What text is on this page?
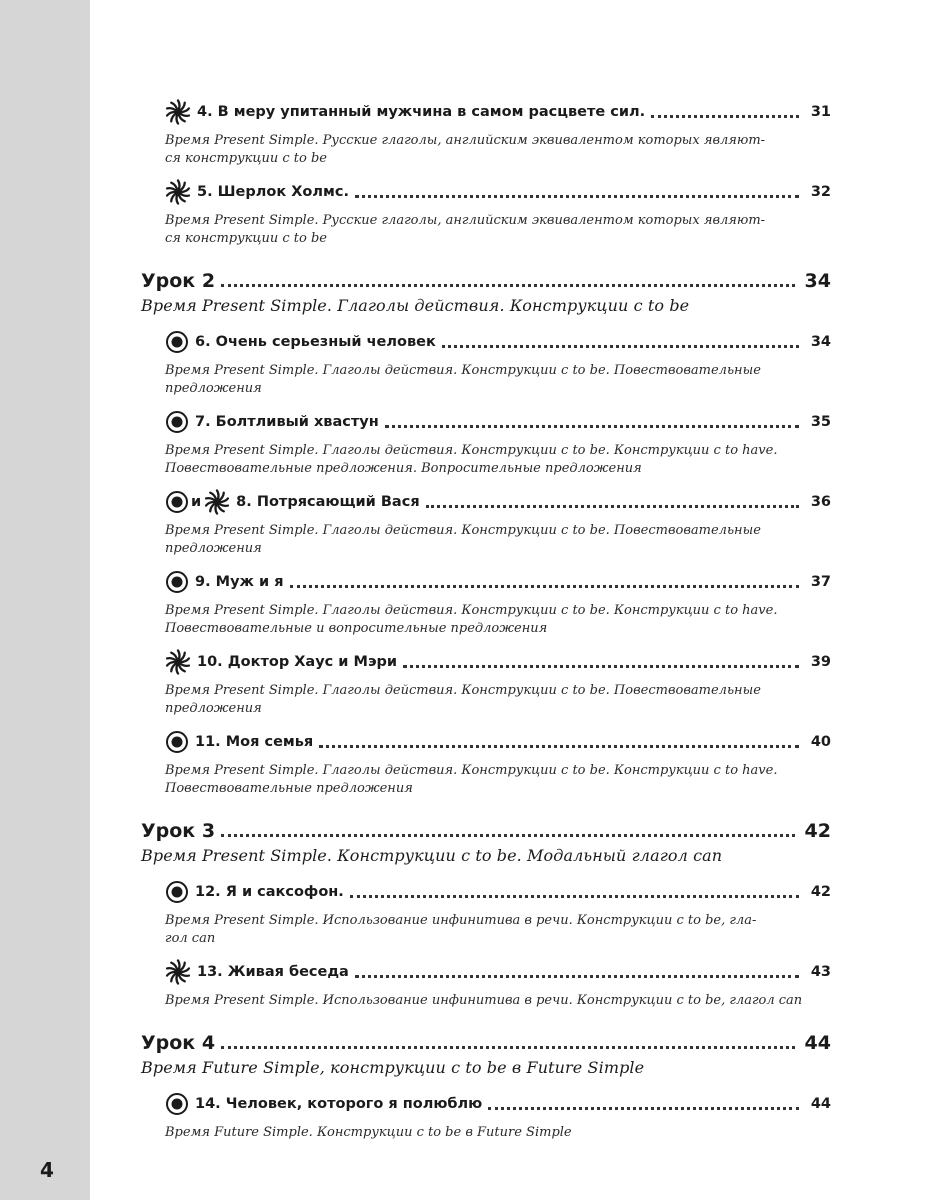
4
4. В меру упитанный мужчина в самом расцвете сил.	31
Время Present Simple. Русские глаголы, английским эквивалентом которых являют-
ся конструкции с to be
5. Шерлок Холмс.	32
Время Present Simple. Русские глаголы, английским эквивалентом которых являют-
ся конструкции с to be
Урок 2	34
Время Present Simple. Глаголы действия. Конструкции с to be
6. Очень серьезный человек	34
Время Present Simple. Глаголы действия. Конструкции с to be. Повествовательные
предложения
7. Болтливый хвастун	35
Время Present Simple. Глаголы действия. Конструкции с to be. Конструкции с to have.
Повествовательные предложения. Вопросительные предложения
и 8. Потрясающий Вася	36
Время Present Simple. Глаголы действия. Конструкции с to be. Повествовательные
предложения
9. Муж и я	37
Время Present Simple. Глаголы действия. Конструкции с to be. Конструкции с to have.
Повествовательные и вопросительные предложения
10. Доктор Хаус и Мэри	39
Время Present Simple. Глаголы действия. Конструкции с to be. Повествовательные
предложения
11. Моя семья	40
Время Present Simple. Глаголы действия. Конструкции с to be. Конструкции с to have.
Повествовательные предложения
Урок 3	42
Время Present Simple. Конструкции с to be. Модальный глагол can
12. Я и саксофон.	42
Время Present Simple. Использование инфинитива в речи. Конструкции с to be, гла-
гол can
13. Живая беседа	43
Время Present Simple. Использование инфинитива в речи. Конструкции с to be, глагол can
Урок 4	44
Время Future Simple, конструкции с to be в Future Simple
14. Человек, которого я полюблю	44
Время Future Simple. Конструкции с to be в Future Simple
